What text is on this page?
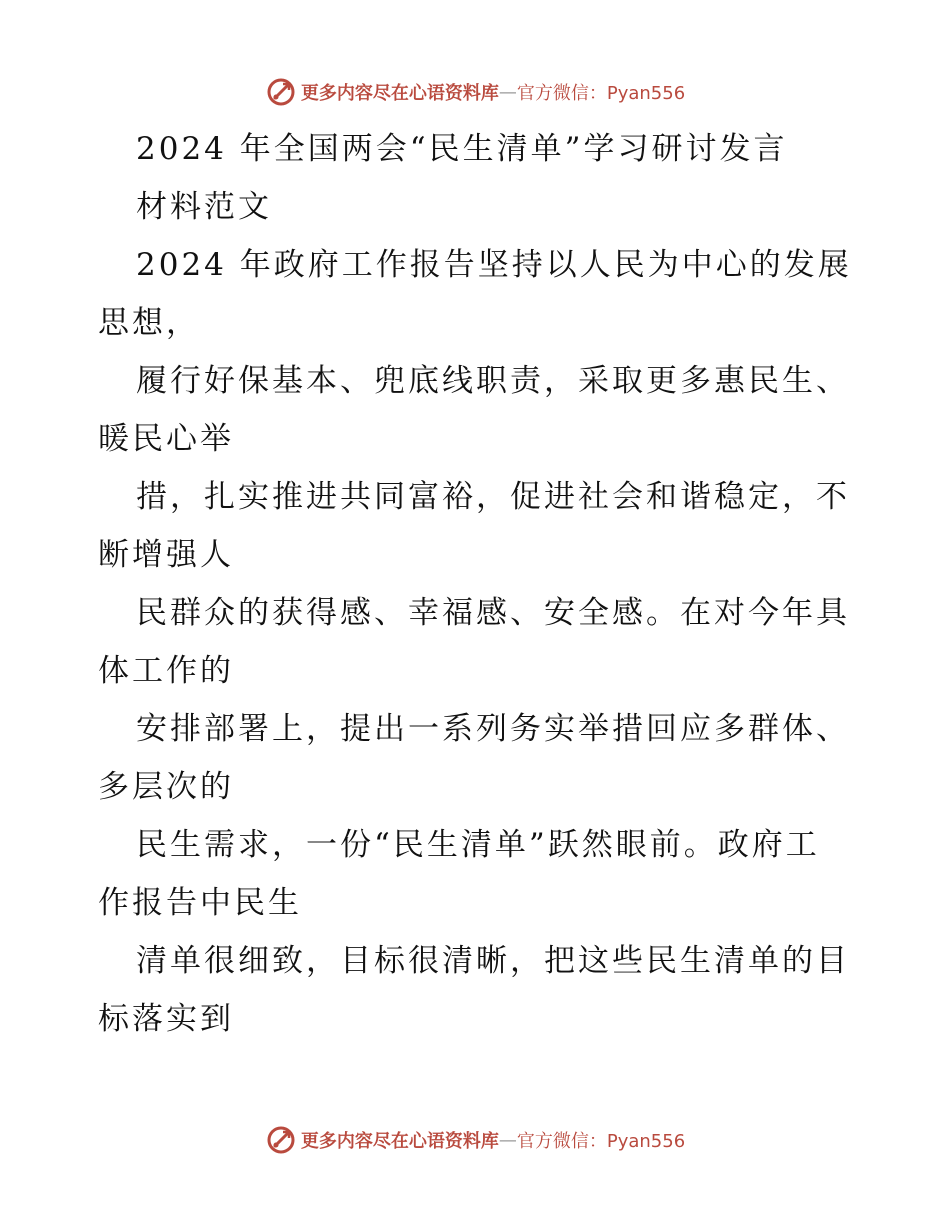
更多内容尽在心语资料库 — 官方微信：Pyan556
2024 年全国两会“民生清单”学习研讨发言
材料范文
2024 年政府工作报告坚持以人民为中心的发展
思想，
履行好保基本、兜底线职责，采取更多惠民生、
暖民心举
措，扎实推进共同富裕，促进社会和谐稳定，不
断增强人
民群众的获得感、幸福感、安全感。在对今年具
体工作的
安排部署上，提出一系列务实举措回应多群体、
多层次的
民生需求，一份“民生清单”跃然眼前。政府工
作报告中民生
清单很细致，目标很清晰，把这些民生清单的目
标落实到
更多内容尽在心语资料库 — 官方微信：Pyan556
